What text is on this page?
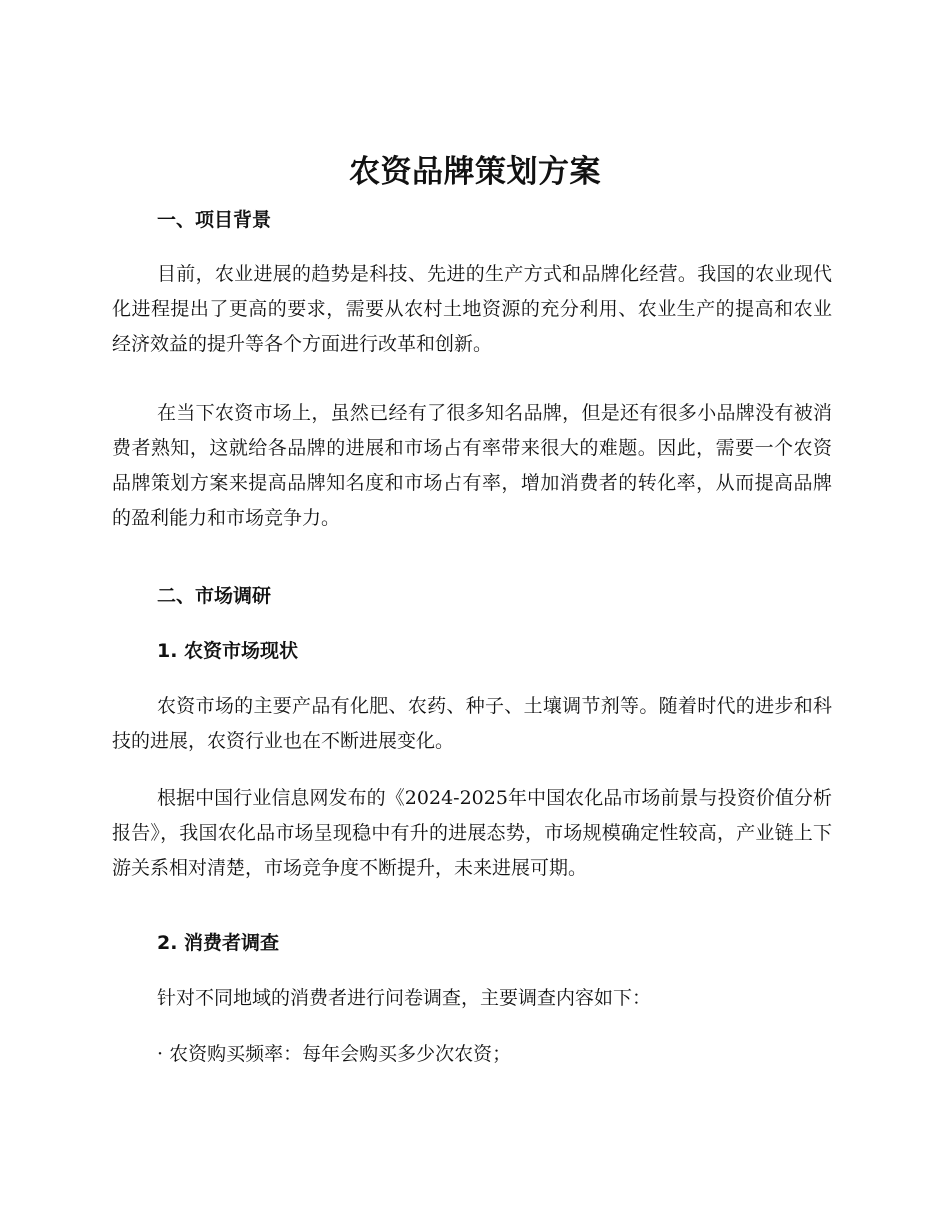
农资品牌策划方案
一、项目背景
目前，农业进展的趋势是科技、先进的生产方式和品牌化经营。我国的农业现代化进程提出了更高的要求，需要从农村土地资源的充分利用、农业生产的提高和农业经济效益的提升等各个方面进行改革和创新。
在当下农资市场上，虽然已经有了很多知名品牌，但是还有很多小品牌没有被消费者熟知，这就给各品牌的进展和市场占有率带来很大的难题。因此，需要一个农资品牌策划方案来提高品牌知名度和市场占有率，增加消费者的转化率，从而提高品牌的盈利能力和市场竞争力。
二、市场调研
1. 农资市场现状
农资市场的主要产品有化肥、农药、种子、土壤调节剂等。随着时代的进步和科技的进展，农资行业也在不断进展变化。
根据中国行业信息网发布的《2024-2025年中国农化品市场前景与投资价值分析报告》，我国农化品市场呈现稳中有升的进展态势，市场规模确定性较高，产业链上下游关系相对清楚，市场竞争度不断提升，未来进展可期。
2. 消费者调查
针对不同地域的消费者进行问卷调查，主要调查内容如下：
· 农资购买频率：每年会购买多少次农资；
